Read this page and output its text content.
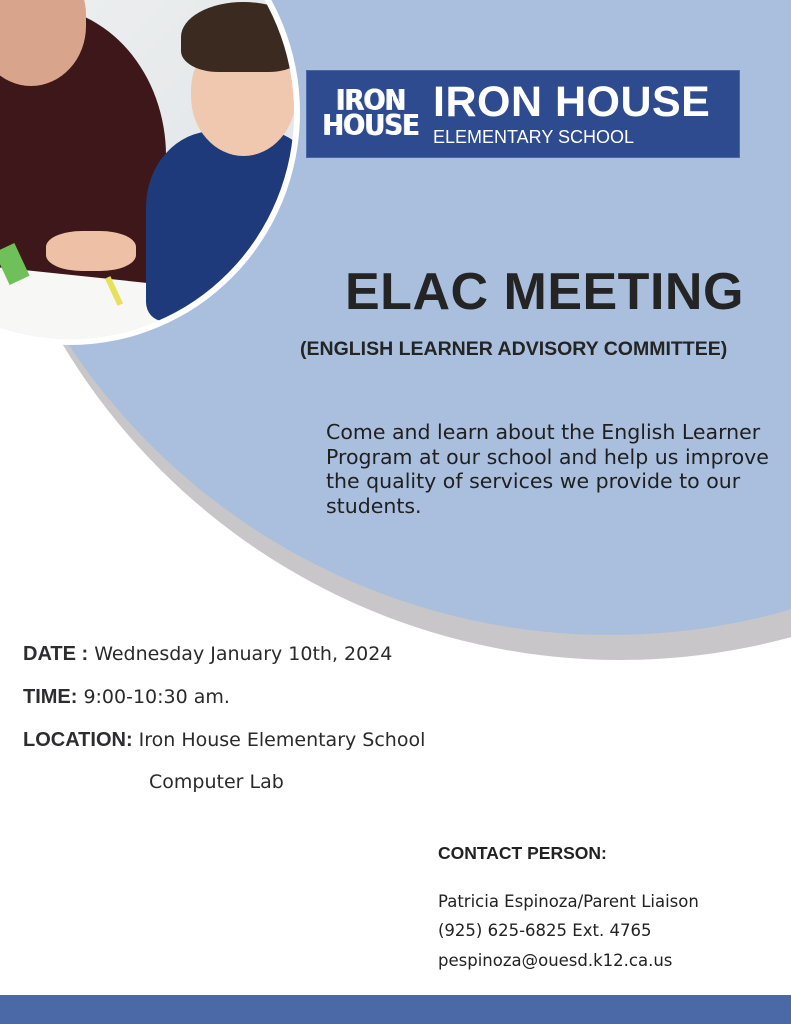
IRON
HOUSE IRON HOUSE
ELEMENTARY SCHOOL
ELAC MEETING
(ENGLISH LEARNER ADVISORY COMMITTEE)
Come and learn about the English Learner Program at our school and help us improve the quality of services we provide to our students.
DATE : Wednesday January 10th, 2024
TIME: 9:00-10:30 am.
LOCATION: Iron House Elementary School
Computer Lab
CONTACT PERSON:
Patricia Espinoza/Parent Liaison
(925) 625-6825 Ext. 4765
pespinoza@ouesd.k12.ca.us
